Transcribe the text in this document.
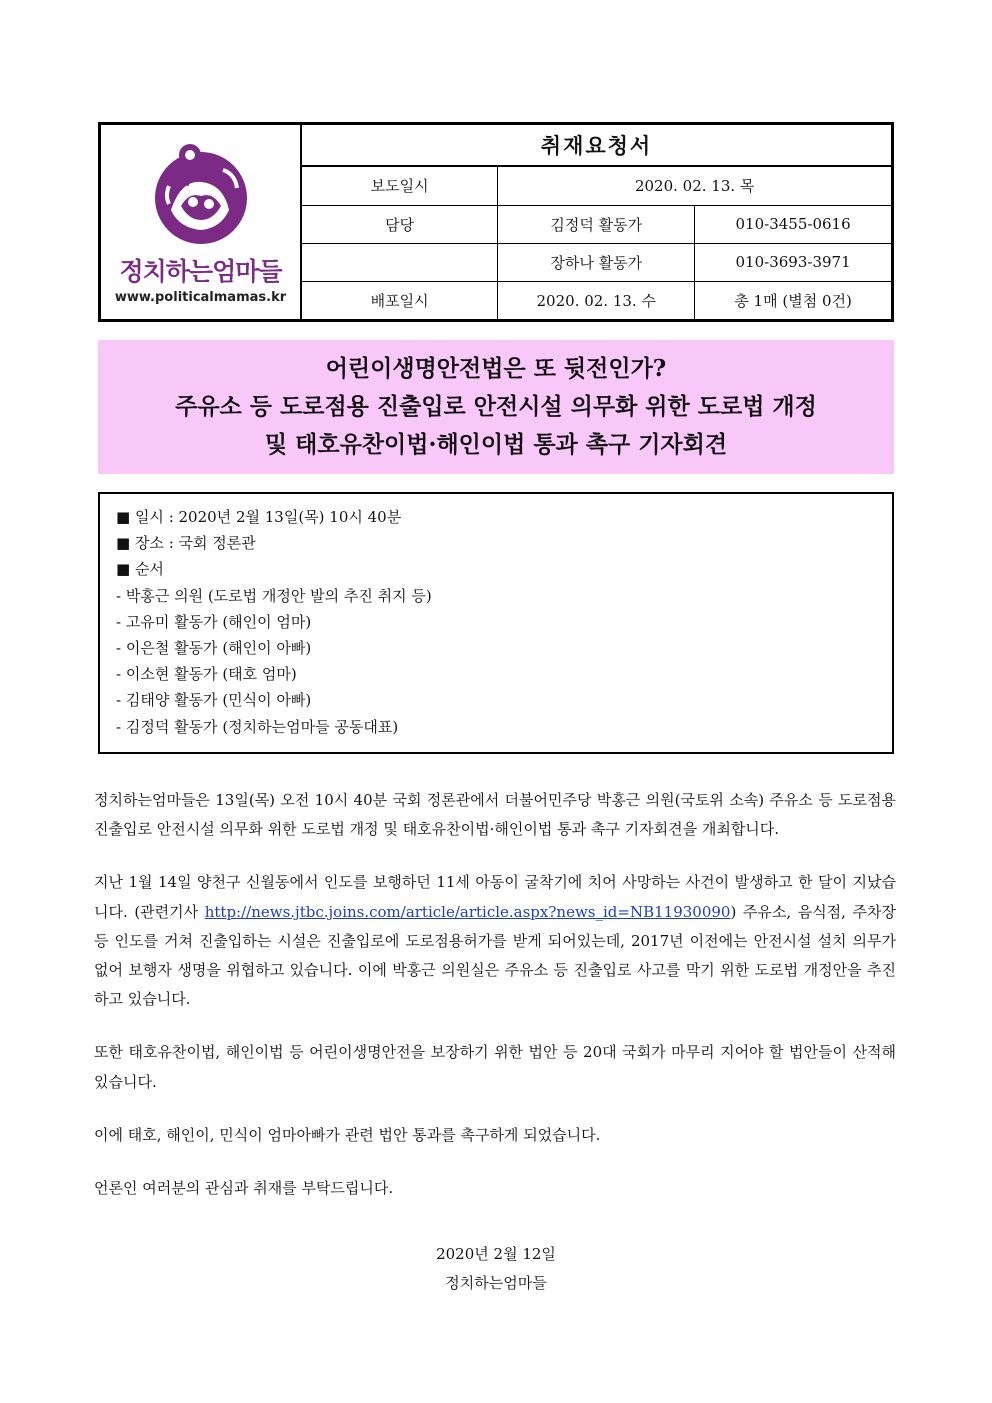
정치하는엄마들
www.politicalmamas.kr	취재요청서		
	보도일시	2020. 02. 13. 목	
	담당	김정덕 활동가	010-3455-0616
		장하나 활동가	010-3693-3971
	배포일시	2020. 02. 13. 수	총 1매 (별첨 0건)
어린이생명안전법은 또 뒷전인가?
주유소 등 도로점용 진출입로 안전시설 의무화 위한 도로법 개정
및 태호유찬이법·해인이법 통과 촉구 기자회견
■ 일시 : 2020년 2월 13일(목) 10시 40분
■ 장소 : 국회 정론관
■ 순서
- 박홍근 의원 (도로법 개정안 발의 추진 취지 등)
- 고유미 활동가 (해인이 엄마)
- 이은철 활동가 (해인이 아빠)
- 이소현 활동가 (태호 엄마)
- 김태양 활동가 (민식이 아빠)
- 김정덕 활동가 (정치하는엄마들 공동대표)

정치하는엄마들은 13일(목) 오전 10시 40분 국회 정론관에서 더불어민주당 박홍근 의원(국토위 소속) 주유소 등 도로점용 진출입로 안전시설 의무화 위한 도로법 개정 및 태호유찬이법·해인이법 통과 촉구 기자회견을 개최합니다.

지난 1월 14일 양천구 신월동에서 인도를 보행하던 11세 아동이 굴착기에 치어 사망하는 사건이 발생하고 한 달이 지났습니다. (관련기사 http://news.jtbc.joins.com/article/article.aspx?news_id=NB11930090) 주유소, 음식점, 주차장 등 인도를 거쳐 진출입하는 시설은 진출입로에 도로점용허가를 받게 되어있는데, 2017년 이전에는 안전시설 설치 의무가 없어 보행자 생명을 위협하고 있습니다. 이에 박홍근 의원실은 주유소 등 진출입로 사고를 막기 위한 도로법 개정안을 추진하고 있습니다.

또한 태호유찬이법, 해인이법 등 어린이생명안전을 보장하기 위한 법안 등 20대 국회가 마무리 지어야 할 법안들이 산적해 있습니다.

이에 태호, 해인이, 민식이 엄마아빠가 관련 법안 통과를 촉구하게 되었습니다.

언론인 여러분의 관심과 취재를 부탁드립니다.

2020년 2월 12일
정치하는엄마들
